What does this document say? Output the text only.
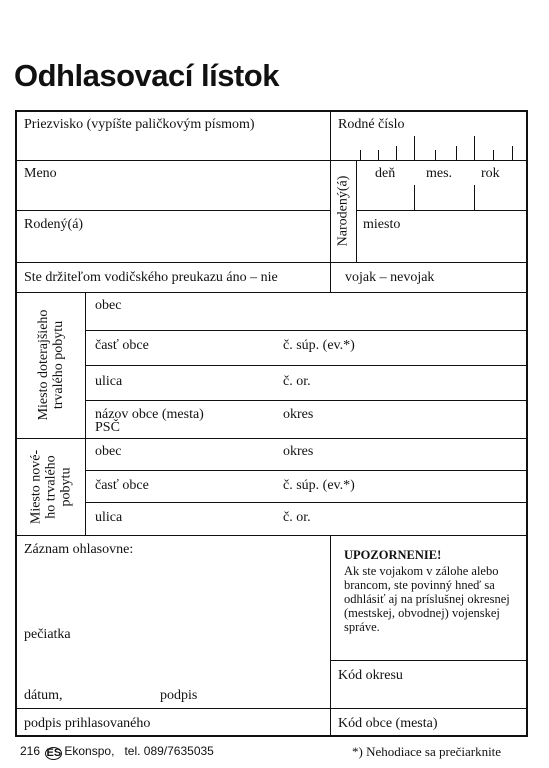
Odhlasovací lístok
Priezvisko (vypíšte paličkovým písmom)	Rodné číslo
Meno
Narodený(á)
deň mes. rok
Rodený(á)	miesto
Ste držiteľom vodičského preukazu áno – nie	vojak – nevojak
Miesto doterajšieho trvalého pobytu
obec
časť obce	č. súp. (ev.*)
ulica	č. or.
názov obce (mesta)	okres
PSČ
Miesto nové- ho trvalého pobytu
obec	okres
časť obce	č. súp. (ev.*)
ulica	č. or.
Záznam ohlasovne:
pečiatka
dátum,	podpis
podpis prihlasovaného
UPOZORNENIE!
Ak ste vojakom v zálohe alebo brancom, ste povinný hneď sa odhlásiť aj na príslušnej okresnej (mestskej, obvodnej) vojenskej správe.
Kód okresu
Kód obce (mesta)
216 ES Ekonspo, tel. 089/7635035	*) Nehodiace sa prečiarknite
